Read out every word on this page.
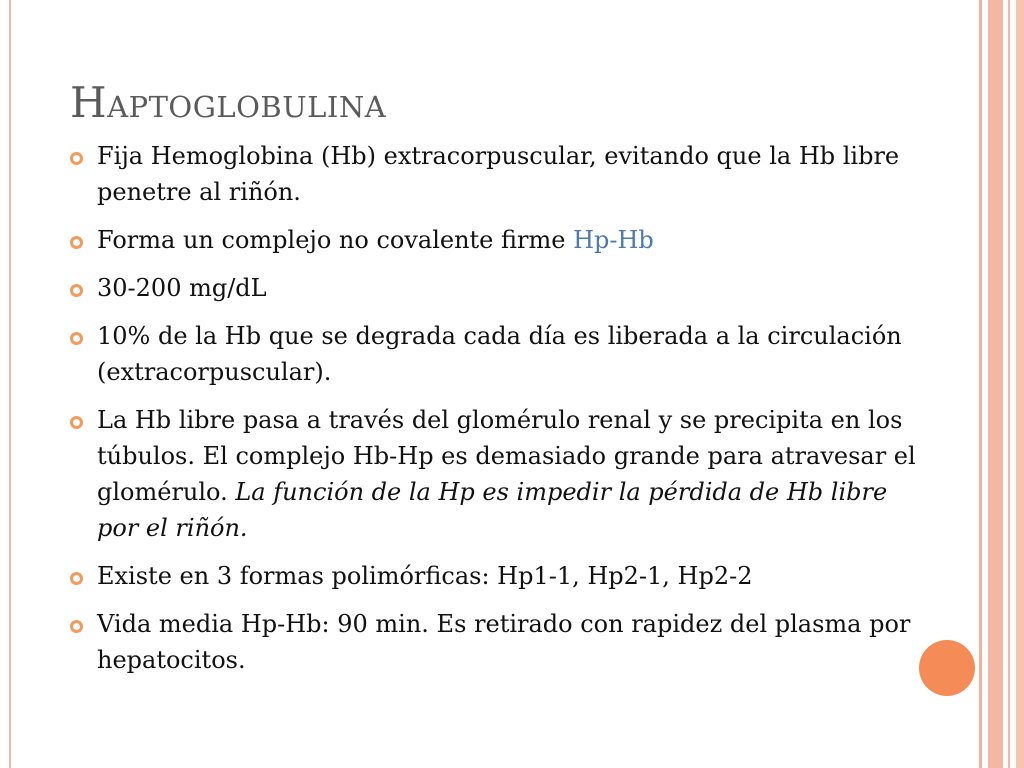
Haptoglobulina
Fija Hemoglobina (Hb) extracorpuscular, evitando que la Hb libre penetre al riñón.
Forma un complejo no covalente firme Hp-Hb
30-200 mg/dL
10% de la Hb que se degrada cada día es liberada a la circulación (extracorpuscular).
La Hb libre pasa a través del glomérulo renal y se precipita en los túbulos. El complejo Hb-Hp es demasiado grande para atravesar el glomérulo. La función de la Hp es impedir la pérdida de Hb libre por el riñón.
Existe en 3 formas polimórficas: Hp1-1, Hp2-1, Hp2-2
Vida media Hp-Hb: 90 min. Es retirado con rapidez del plasma por hepatocitos.
